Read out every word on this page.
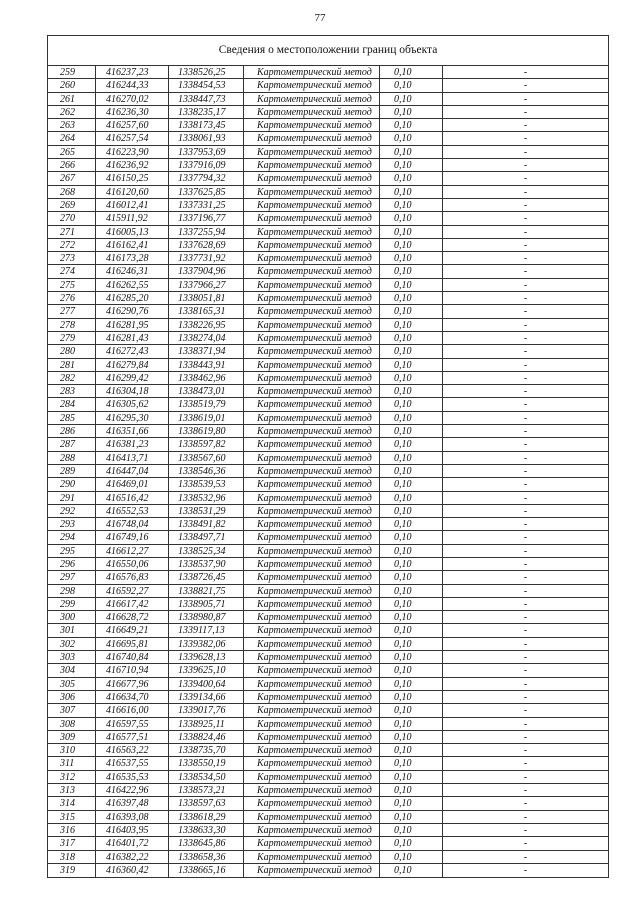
77
Сведения о местоположении границ объекта
259	416237,23	1338526,25	Картометрический метод	0,10	-
260	416244,33	1338454,53	Картометрический метод	0,10	-
261	416270,02	1338447,73	Картометрический метод	0,10	-
262	416236,30	1338235,17	Картометрический метод	0,10	-
263	416257,60	1338173,45	Картометрический метод	0,10	-
264	416257,54	1338061,93	Картометрический метод	0,10	-
265	416223,90	1337953,69	Картометрический метод	0,10	-
266	416236,92	1337916,09	Картометрический метод	0,10	-
267	416150,25	1337794,32	Картометрический метод	0,10	-
268	416120,60	1337625,85	Картометрический метод	0,10	-
269	416012,41	1337331,25	Картометрический метод	0,10	-
270	415911,92	1337196,77	Картометрический метод	0,10	-
271	416005,13	1337255,94	Картометрический метод	0,10	-
272	416162,41	1337628,69	Картометрический метод	0,10	-
273	416173,28	1337731,92	Картометрический метод	0,10	-
274	416246,31	1337904,96	Картометрический метод	0,10	-
275	416262,55	1337966,27	Картометрический метод	0,10	-
276	416285,20	1338051,81	Картометрический метод	0,10	-
277	416290,76	1338165,31	Картометрический метод	0,10	-
278	416281,95	1338226,95	Картометрический метод	0,10	-
279	416281,43	1338274,04	Картометрический метод	0,10	-
280	416272,43	1338371,94	Картометрический метод	0,10	-
281	416279,84	1338443,91	Картометрический метод	0,10	-
282	416299,42	1338462,96	Картометрический метод	0,10	-
283	416304,18	1338473,01	Картометрический метод	0,10	-
284	416305,62	1338519,79	Картометрический метод	0,10	-
285	416295,30	1338619,01	Картометрический метод	0,10	-
286	416351,66	1338619,80	Картометрический метод	0,10	-
287	416381,23	1338597,82	Картометрический метод	0,10	-
288	416413,71	1338567,60	Картометрический метод	0,10	-
289	416447,04	1338546,36	Картометрический метод	0,10	-
290	416469,01	1338539,53	Картометрический метод	0,10	-
291	416516,42	1338532,96	Картометрический метод	0,10	-
292	416552,53	1338531,29	Картометрический метод	0,10	-
293	416748,04	1338491,82	Картометрический метод	0,10	-
294	416749,16	1338497,71	Картометрический метод	0,10	-
295	416612,27	1338525,34	Картометрический метод	0,10	-
296	416550,06	1338537,90	Картометрический метод	0,10	-
297	416576,83	1338726,45	Картометрический метод	0,10	-
298	416592,27	1338821,75	Картометрический метод	0,10	-
299	416617,42	1338905,71	Картометрический метод	0,10	-
300	416628,72	1338980,87	Картометрический метод	0,10	-
301	416649,21	1339117,13	Картометрический метод	0,10	-
302	416695,81	1339382,06	Картометрический метод	0,10	-
303	416740,84	1339628,13	Картометрический метод	0,10	-
304	416710,94	1339625,10	Картометрический метод	0,10	-
305	416677,96	1339400,64	Картометрический метод	0,10	-
306	416634,70	1339134,66	Картометрический метод	0,10	-
307	416616,00	1339017,76	Картометрический метод	0,10	-
308	416597,55	1338925,11	Картометрический метод	0,10	-
309	416577,51	1338824,46	Картометрический метод	0,10	-
310	416563,22	1338735,70	Картометрический метод	0,10	-
311	416537,55	1338550,19	Картометрический метод	0,10	-
312	416535,53	1338534,50	Картометрический метод	0,10	-
313	416422,96	1338573,21	Картометрический метод	0,10	-
314	416397,48	1338597,63	Картометрический метод	0,10	-
315	416393,08	1338618,29	Картометрический метод	0,10	-
316	416403,95	1338633,30	Картометрический метод	0,10	-
317	416401,72	1338645,86	Картометрический метод	0,10	-
318	416382,22	1338658,36	Картометрический метод	0,10	-
319	416360,42	1338665,16	Картометрический метод	0,10	-
